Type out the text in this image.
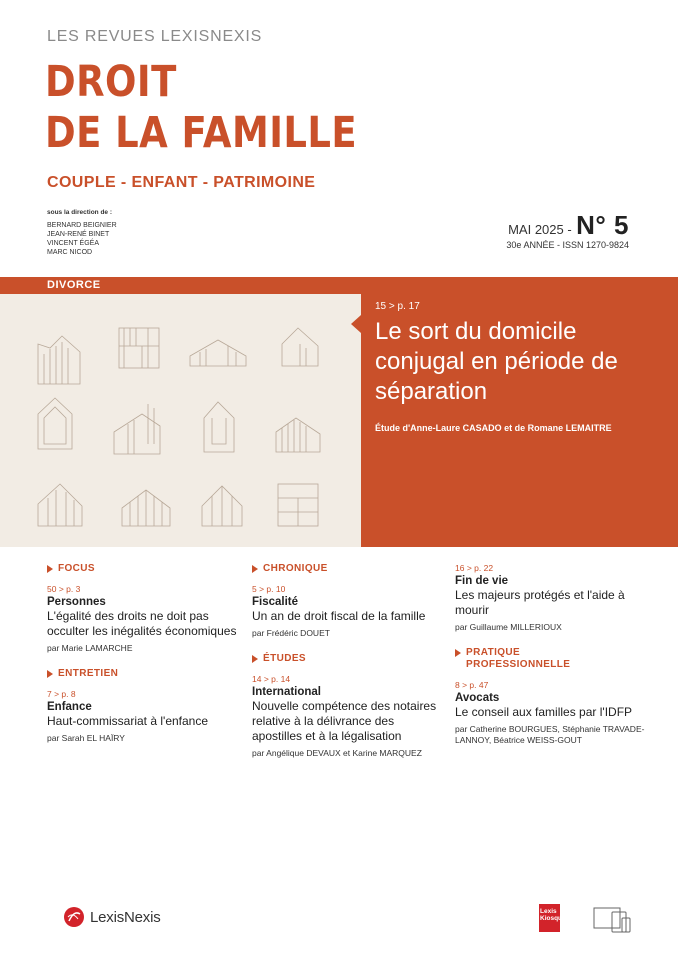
LES REVUES LEXISNEXIS
DROIT
DE LA FAMILLE
COUPLE - ENFANT - PATRIMOINE
sous la direction de :
BERNARD BEIGNIER
JEAN-RENÉ BINET
VINCENT ÉGÉA
MARC NICOD
MAI 2025 - N° 5
30e ANNÉE - ISSN 1270-9824
DIVORCE
15 > p. 17
Le sort du domicile conjugal en période de séparation
Étude d'Anne-Laure CASADO et de Romane LEMAITRE
FOCUS
50 > p. 3
Personnes
L'égalité des droits ne doit pas occulter les inégalités économiques
par Marie LAMARCHE
ENTRETIEN
7 > p. 8
Enfance
Haut-commissariat à l'enfance
par Sarah EL HAÏRY
CHRONIQUE
5 > p. 10
Fiscalité
Un an de droit fiscal de la famille
par Frédéric DOUET
ÉTUDES
14 > p. 14
International
Nouvelle compétence des notaires relative à la délivrance des apostilles et à la légalisation
par Angélique DEVAUX et Karine MARQUEZ
16 > p. 22
Fin de vie
Les majeurs protégés et l'aide à mourir
par Guillaume MILLERIOUX
PRATIQUE PROFESSIONNELLE
8 > p. 47
Avocats
Le conseil aux familles par l'IDFP
par Catherine BOURGUES, Stéphanie TRAVADE-LANNOY, Béatrice WEISS-GOUT
LexisNexis	Lexis Kiosque
